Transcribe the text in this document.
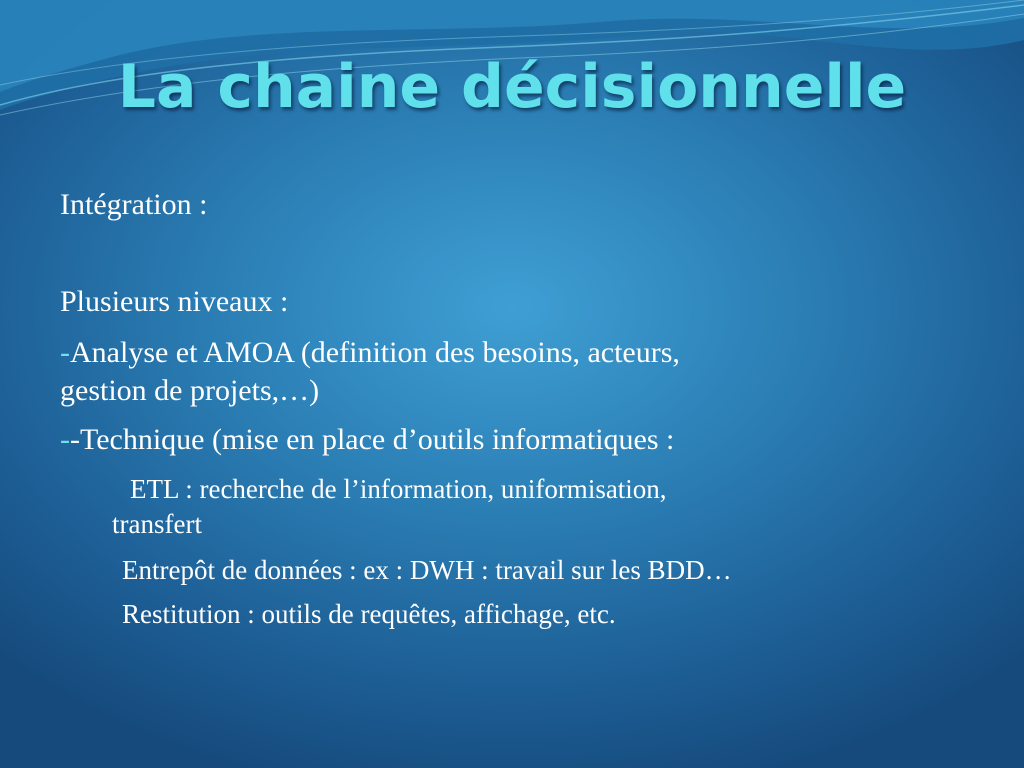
La chaine décisionnelle

Intégration :

Plusieurs niveaux :

-Analyse et AMOA (definition des besoins, acteurs,

gestion de projets,…)

--Technique (mise en place d’outils informatiques :

ETL : recherche de l’information, uniformisation,

transfert

Entrepôt de données : ex : DWH : travail sur les BDD…

Restitution : outils de requêtes, affichage, etc.
